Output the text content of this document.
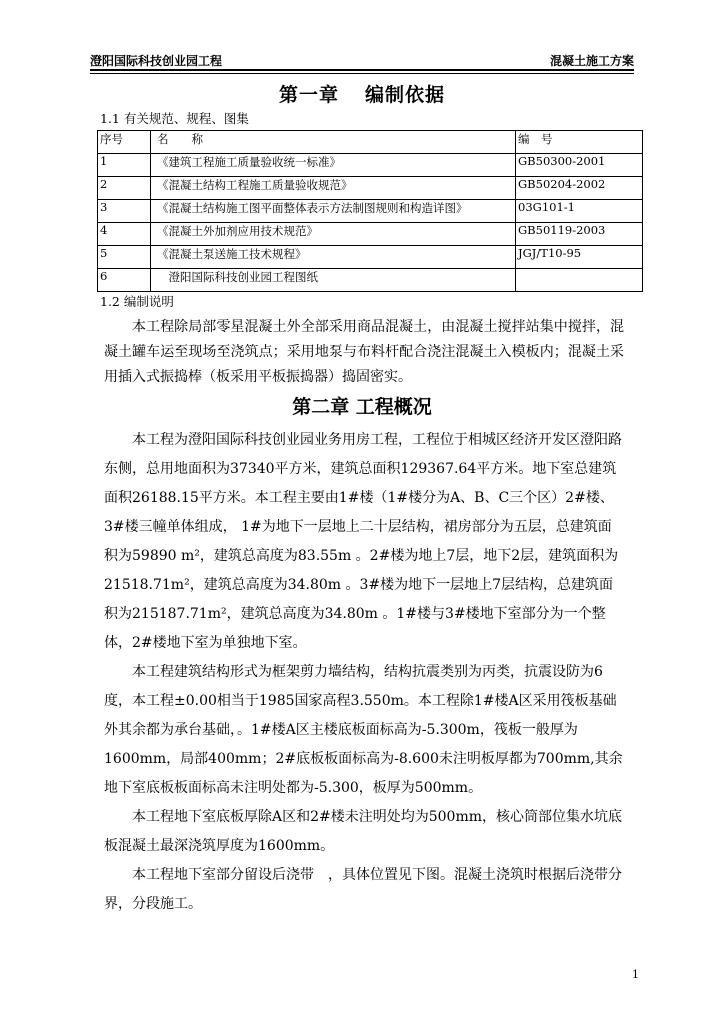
澄阳国际科技创业园工程	混凝土施工方案
第一章 编制依据
1.1 有关规范、规程、图集
序号	名　　称	编　号
1	《建筑工程施工质量验收统一标准》	GB50300-2001
2	《混凝土结构工程施工质量验收规范》	GB50204-2002
3	《混凝土结构施工图平面整体表示方法制图规则和构造详图》	03G101-1
4	《混凝土外加剂应用技术规范》	GB50119-2003
5	《混凝土泵送施工技术规程》	JGJ/T10-95
6	　澄阳国际科技创业园工程图纸	
1.2 编制说明

本工程除局部零星混凝土外全部采用商品混凝土，由混凝土搅拌站集中搅拌，混凝土罐车运至现场至浇筑点；采用地泵与布料杆配合浇注混凝土入模板内；混凝土采用插入式振捣棒（板采用平板振捣器）捣固密实。

第二章 工程概况

本工程为澄阳国际科技创业园业务用房工程，工程位于相城区经济开发区澄阳路东侧，总用地面积为37340平方米，建筑总面积129367.64平方米。地下室总建筑面积26188.15平方米。本工程主要由1#楼（1#楼分为A、B、C三个区）2#楼、3#楼三幢单体组成， 1#为地下一层地上二十层结构，裙房部分为五层，总建筑面积为59890 m²，建筑总高度为83.55m 。2#楼为地上7层，地下2层，建筑面积为21518.71m²，建筑总高度为34.80m 。3#楼为地下一层地上7层结构，总建筑面积为215187.71m²，建筑总高度为34.80m 。1#楼与3#楼地下室部分为一个整体，2#楼地下室为单独地下室。

本工程建筑结构形式为框架剪力墙结构，结构抗震类别为丙类，抗震设防为6度，本工程±0.00相当于1985国家高程3.550m。本工程除1#楼A区采用筏板基础外其余都为承台基础，。1#楼A区主楼底板面标高为-5.300m，筏板一般厚为1600mm，局部400mm；2#底板板面标高为-8.600未注明板厚都为700mm,其余地下室底板板面标高未注明处都为-5.300，板厚为500mm。

本工程地下室底板厚除A区和2#楼未注明处均为500mm，核心筒部位集水坑底板混凝土最深浇筑厚度为1600mm。

本工程地下室部分留设后浇带　，具体位置见下图。混凝土浇筑时根据后浇带分界，分段施工。

1
